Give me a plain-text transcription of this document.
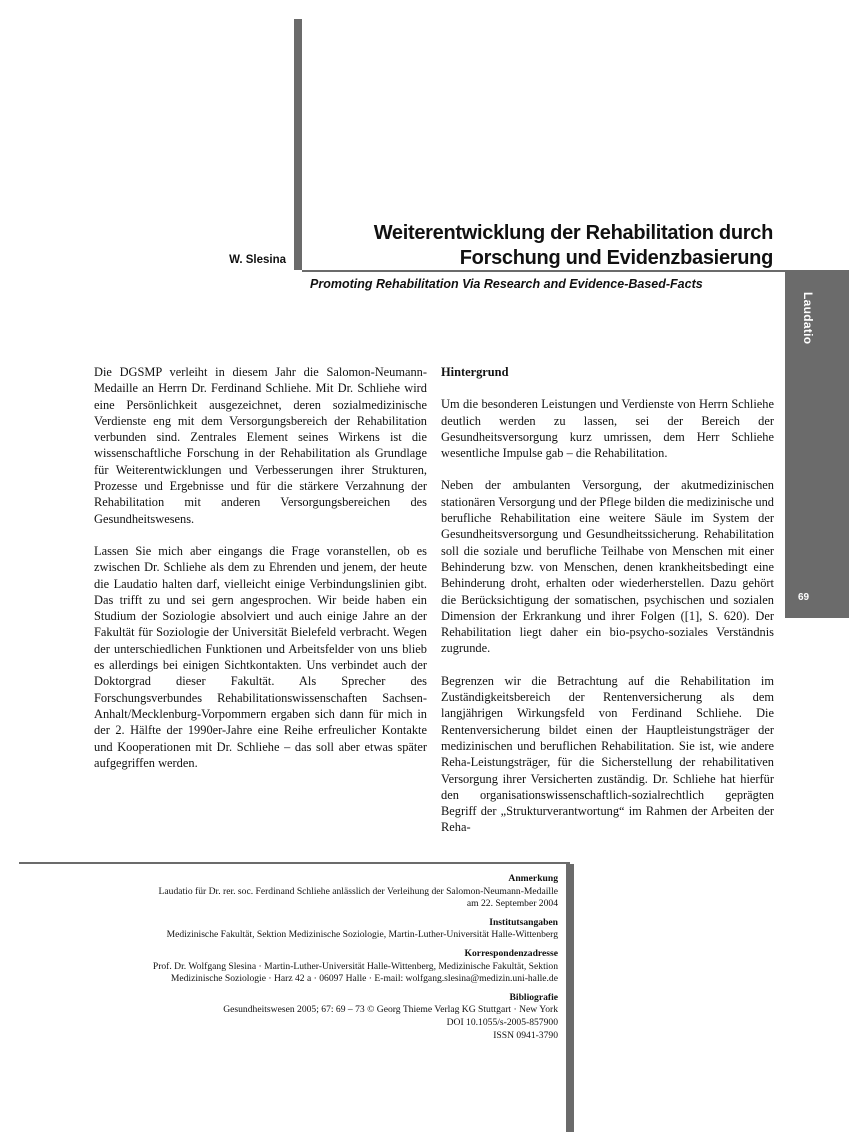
Laudatio
69
W. Slesina
Weiterentwicklung der Rehabilitation durch
Forschung und Evidenzbasierung
Promoting Rehabilitation Via Research and Evidence-Based-Facts

Die DGSMP verleiht in diesem Jahr die Salomon-Neumann-Medaille an Herrn Dr. Ferdinand Schliehe. Mit Dr. Schliehe wird eine Persönlichkeit ausgezeichnet, deren sozialmedizinische Verdienste eng mit dem Versorgungsbereich der Rehabilitation verbunden sind. Zentrales Element seines Wirkens ist die wissenschaftliche Forschung in der Rehabilitation als Grundlage für Weiterentwicklungen und Verbesserungen ihrer Strukturen, Prozesse und Ergebnisse und für die stärkere Verzahnung der Rehabilitation mit anderen Versorgungsbereichen des Gesundheitswesens.

Lassen Sie mich aber eingangs die Frage voranstellen, ob es zwischen Dr. Schliehe als dem zu Ehrenden und jenem, der heute die Laudatio halten darf, vielleicht einige Verbindungslinien gibt. Das trifft zu und sei gern angesprochen. Wir beide haben ein Studium der Soziologie absolviert und auch einige Jahre an der Fakultät für Soziologie der Universität Bielefeld verbracht. Wegen der unterschiedlichen Funktionen und Arbeitsfelder von uns blieb es allerdings bei einigen Sichtkontakten. Uns verbindet auch der Doktorgrad dieser Fakultät. Als Sprecher des Forschungsverbundes Rehabilitationswissenschaften Sachsen-Anhalt/Mecklenburg-Vorpommern ergaben sich dann für mich in der 2. Hälfte der 1990er-Jahre eine Reihe erfreulicher Kontakte und Kooperationen mit Dr. Schliehe – das soll aber etwas später aufgegriffen werden.

Hintergrund

Um die besonderen Leistungen und Verdienste von Herrn Schliehe deutlich werden zu lassen, sei der Bereich der Gesundheitsversorgung kurz umrissen, dem Herr Schliehe wesentliche Impulse gab – die Rehabilitation.

Neben der ambulanten Versorgung, der akutmedizinischen stationären Versorgung und der Pflege bilden die medizinische und berufliche Rehabilitation eine weitere Säule im System der Gesundheitsversorgung und Gesundheitssicherung. Rehabilitation soll die soziale und berufliche Teilhabe von Menschen mit einer Behinderung bzw. von Menschen, denen krankheitsbedingt eine Behinderung droht, erhalten oder wiederherstellen. Dazu gehört die Berücksichtigung der somatischen, psychischen und sozialen Dimension der Erkrankung und ihrer Folgen ([1], S. 620). Der Rehabilitation liegt daher ein bio-psycho-soziales Verständnis zugrunde.

Begrenzen wir die Betrachtung auf die Rehabilitation im Zuständigkeitsbereich der Rentenversicherung als dem langjährigen Wirkungsfeld von Ferdinand Schliehe. Die Rentenversicherung bildet einen der Hauptleistungsträger der medizinischen und beruflichen Rehabilitation. Sie ist, wie andere Reha-Leistungsträger, für die Sicherstellung der rehabilitativen Versorgung ihrer Versicherten zuständig. Dr. Schliehe hat hierfür den organisationswissenschaftlich-sozialrechtlich geprägten Begriff der „Strukturverantwortung“ im Rahmen der Arbeiten der Reha-

Anmerkung
Laudatio für Dr. rer. soc. Ferdinand Schliehe anlässlich der Verleihung der Salomon-Neumann-Medaille
am 22. September 2004
Institutsangaben
Medizinische Fakultät, Sektion Medizinische Soziologie, Martin-Luther-Universität Halle-Wittenberg
Korrespondenzadresse
Prof. Dr. Wolfgang Slesina · Martin-Luther-Universität Halle-Wittenberg, Medizinische Fakultät, Sektion
Medizinische Soziologie · Harz 42 a · 06097 Halle · E-mail: wolfgang.slesina@medizin.uni-halle.de
Bibliografie
Gesundheitswesen 2005; 67: 69 – 73 © Georg Thieme Verlag KG Stuttgart · New York
DOI 10.1055/s-2005-857900
ISSN 0941-3790
